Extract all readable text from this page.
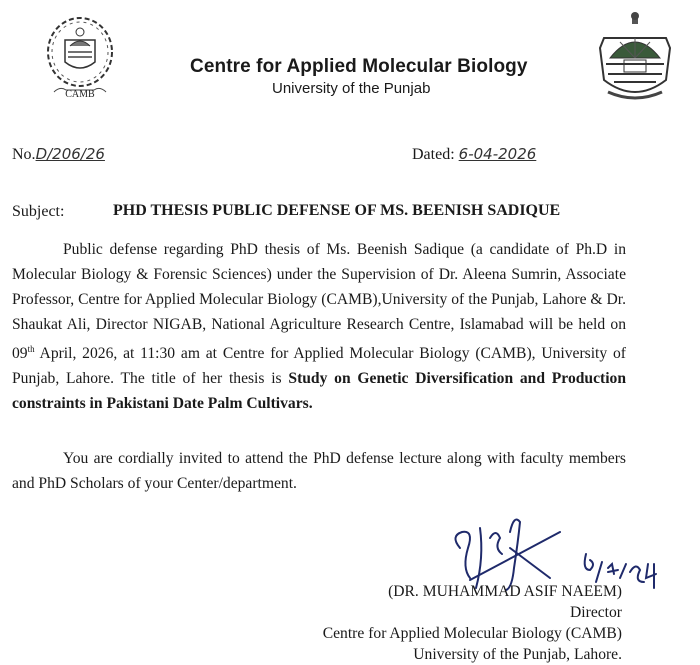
CAMB
Centre for Applied Molecular Biology
University of the Punjab
No.D/206/26	Dated: 6-04-2026
Subject:	PHD THESIS PUBLIC DEFENSE OF MS. BEENISH SADIQUE
Public defense regarding PhD thesis of Ms. Beenish Sadique (a candidate of Ph.D in Molecular Biology & Forensic Sciences) under the Supervision of Dr. Aleena Sumrin, Associate Professor, Centre for Applied Molecular Biology (CAMB),University of the Punjab, Lahore & Dr. Shaukat Ali, Director NIGAB, National Agriculture Research Centre, Islamabad will be held on 09th April, 2026, at 11:30 am at Centre for Applied Molecular Biology (CAMB), University of Punjab, Lahore. The title of her thesis is Study on Genetic Diversification and Production constraints in Pakistani Date Palm Cultivars.
You are cordially invited to attend the PhD defense lecture along with faculty members and PhD Scholars of your Center/department.
(DR. MUHAMMAD ASIF NAEEM)
Director
Centre for Applied Molecular Biology (CAMB)
University of the Punjab, Lahore.
